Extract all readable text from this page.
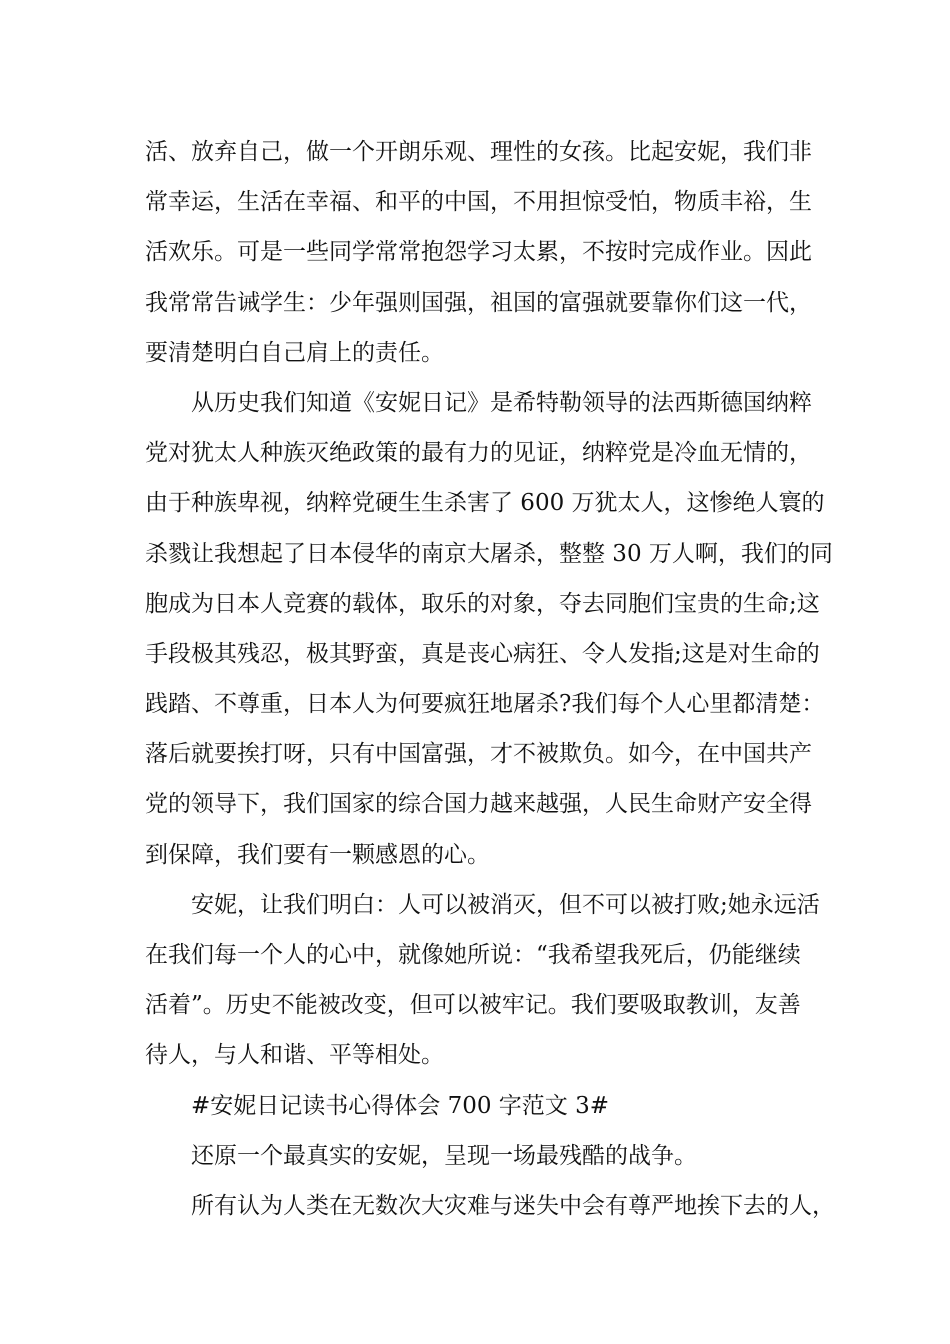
活、放弃自己，做一个开朗乐观、理性的女孩。比起安妮，我们非
常幸运，生活在幸福、和平的中国，不用担惊受怕，物质丰裕，生
活欢乐。可是一些同学常常抱怨学习太累，不按时完成作业。因此
我常常告诫学生：少年强则国强，祖国的富强就要靠你们这一代，
要清楚明白自己肩上的责任。
从历史我们知道《安妮日记》是希特勒领导的法西斯德国纳粹
党对犹太人种族灭绝政策的最有力的见证，纳粹党是冷血无情的，
由于种族卑视，纳粹党硬生生杀害了 600 万犹太人，这惨绝人寰的
杀戮让我想起了日本侵华的南京大屠杀，整整 30 万人啊，我们的同
胞成为日本人竞赛的载体，取乐的对象，夺去同胞们宝贵的生命;这
手段极其残忍，极其野蛮，真是丧心病狂、令人发指;这是对生命的
践踏、不尊重，日本人为何要疯狂地屠杀?我们每个人心里都清楚：
落后就要挨打呀，只有中国富强，才不被欺负。如今，在中国共产
党的领导下，我们国家的综合国力越来越强，人民生命财产安全得
到保障，我们要有一颗感恩的心。
安妮，让我们明白：人可以被消灭，但不可以被打败;她永远活
在我们每一个人的心中，就像她所说：“我希望我死后，仍能继续
活着”。历史不能被改变，但可以被牢记。我们要吸取教训，友善
待人，与人和谐、平等相处。
#安妮日记读书心得体会 700 字范文 3#
还原一个最真实的安妮，呈现一场最残酷的战争。
所有认为人类在无数次大灾难与迷失中会有尊严地挨下去的人，
